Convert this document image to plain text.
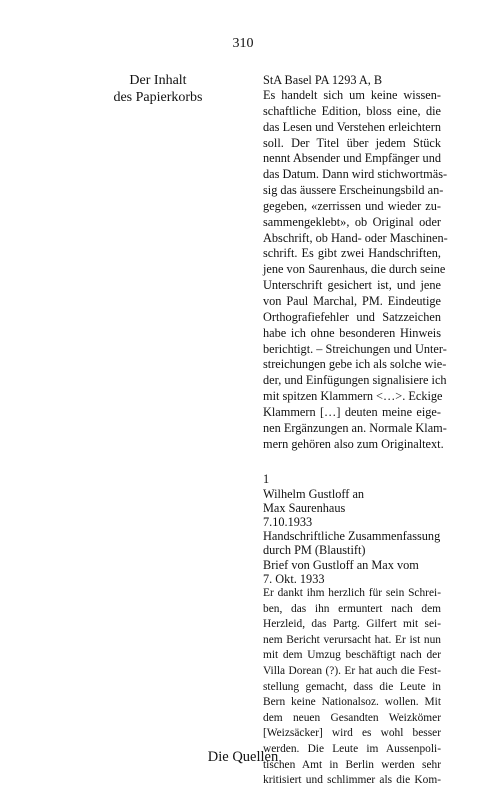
310
Der Inhalt
des Papierkorbs

StA Basel PA 1293 A, B

Es handelt sich um keine wissen-
schaftliche Edition, bloss eine, die
das Lesen und Verstehen erleichtern
soll. Der Titel über jedem Stück
nennt Absender und Empfänger und
das Datum. Dann wird stichwortmäs-
sig das äussere Erscheinungsbild an-
gegeben, «zerrissen und wieder zu-
sammengeklebt», ob Original oder
Abschrift, ob Hand- oder Maschinen-
schrift. Es gibt zwei Handschriften,
jene von Saurenhaus, die durch seine
Unterschrift gesichert ist, und jene
von Paul Marchal, PM. Eindeutige
Orthografiefehler und Satzzeichen
habe ich ohne besonderen Hinweis
berichtigt. – Streichungen und Unter-
streichungen gebe ich als solche wie-
der, und Einfügungen signalisiere ich
mit spitzen Klammern <…>. Eckige
Klammern […] deuten meine eige-
nen Ergänzungen an. Normale Klam-
mern gehören also zum Originaltext.
1
Wilhelm Gustloff an
Max Saurenhaus
7.10.1933
Handschriftliche Zusammenfassung
durch PM (Blaustift)
Brief von Gustloff an Max vom
7. Okt. 1933
Er dankt ihm herzlich für sein Schrei-
ben, das ihn ermuntert nach dem
Herzleid, das Partg. Gilfert mit sei-
nem Bericht verursacht hat. Er ist nun
mit dem Umzug beschäftigt nach der
Villa Dorean (?). Er hat auch die Fest-
stellung gemacht, dass die Leute in
Bern keine Nationalsoz. wollen. Mit
dem neuen Gesandten Weizkömer
[Weizsäcker] wird es wohl besser
werden. Die Leute im Aussenpoli-
tischen Amt in Berlin werden sehr
kritisiert und schlimmer als die Kom-
Die Quellen
